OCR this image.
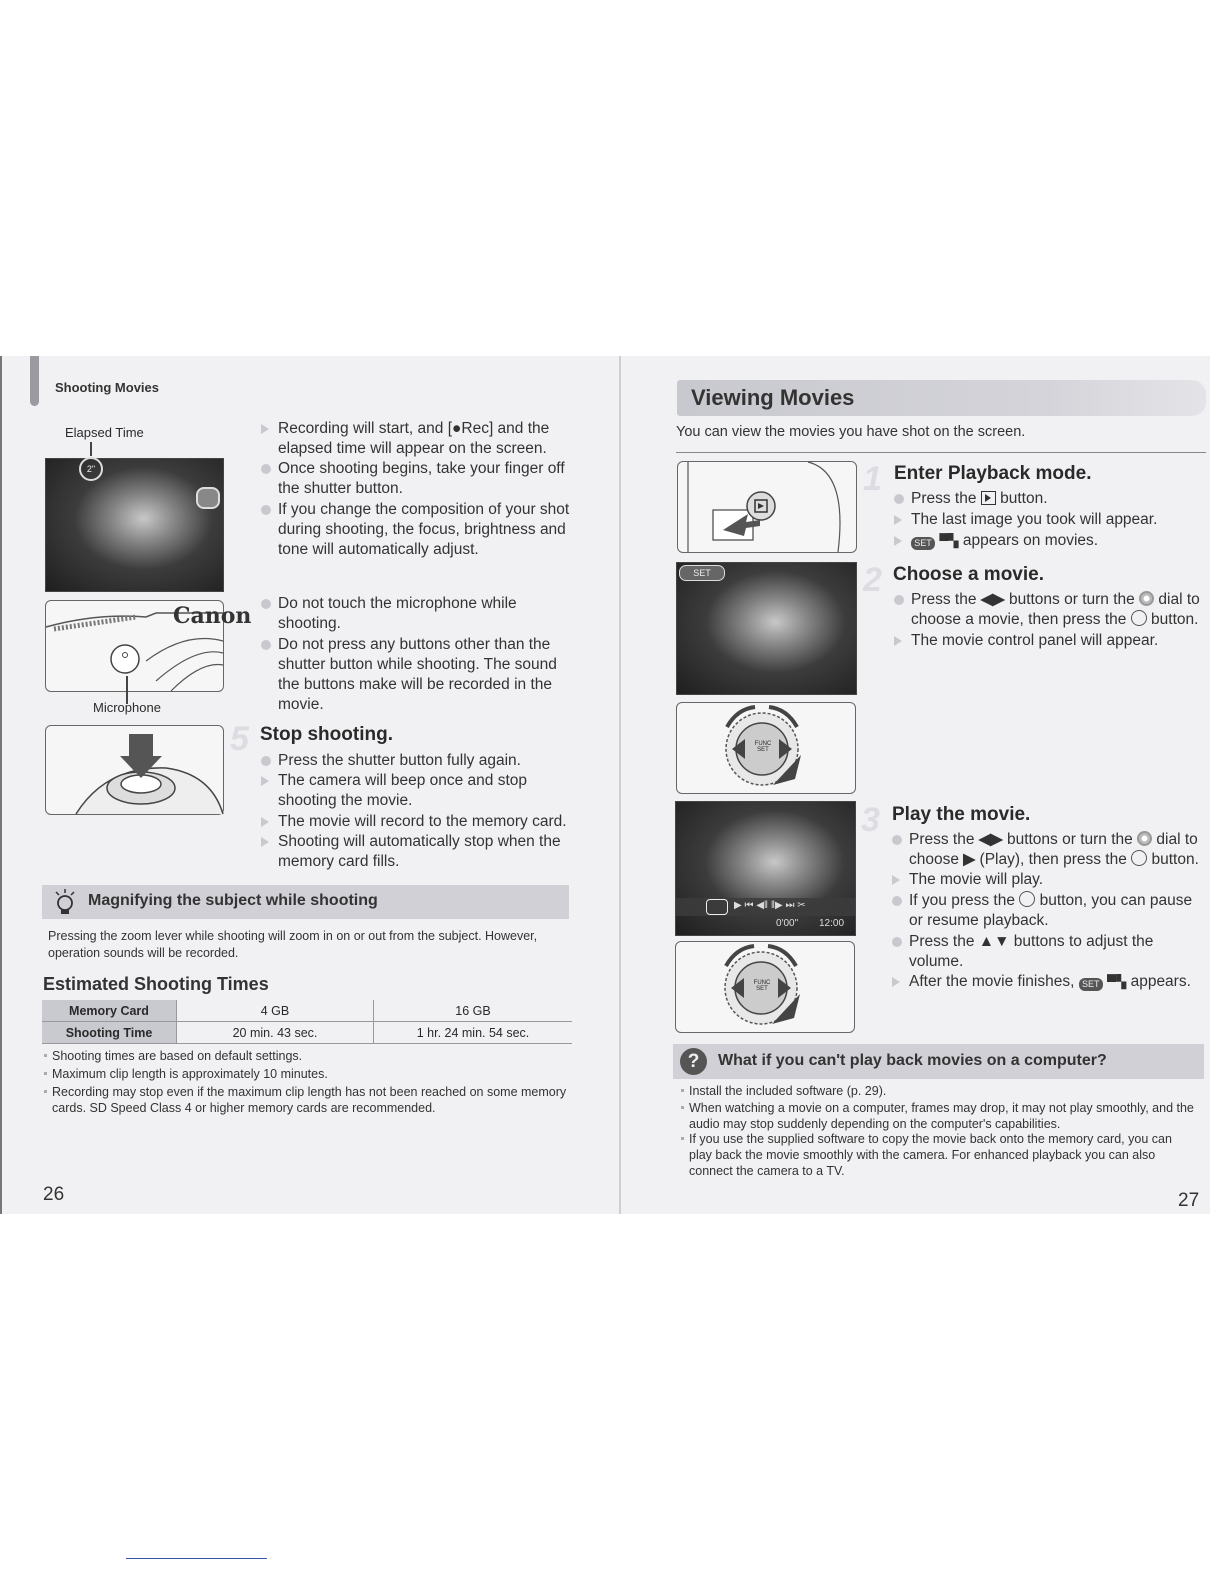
Shooting Movies
Elapsed Time
2"
Canon
Microphone
Recording will start, and [●Rec] and the elapsed time will appear on the screen.
Once shooting begins, take your finger off the shutter button.
If you change the composition of your shot during shooting, the focus, brightness and tone will automatically adjust.
Do not touch the microphone while shooting.
Do not press any buttons other than the shutter button while shooting. The sound the buttons make will be recorded in the movie.
5 Stop shooting.
Press the shutter button fully again.
The camera will beep once and stop shooting the movie.
The movie will record to the memory card.
Shooting will automatically stop when the memory card fills.
Magnifying the subject while shooting
Pressing the zoom lever while shooting will zoom in on or out from the subject. However, operation sounds will be recorded.
Estimated Shooting Times
Memory Card	4 GB	16 GB
Shooting Time	20 min. 43 sec.	1 hr. 24 min. 54 sec.
Shooting times are based on default settings.
Maximum clip length is approximately 10 minutes.
Recording may stop even if the maximum clip length has not been reached on some memory cards. SD Speed Class 4 or higher memory cards are recommended.
26
Viewing Movies
You can view the movies you have shot on the screen.
1 Enter Playback mode.
Press the button.
The last image you took will appear.
SET ▀▚ appears on movies.
SET	2 Choose a movie.
Press the ◀▶ buttons or turn the dial to choose a movie, then press the button.
The movie control panel will appear.
FUNC SET
▶ ⏮ ◀‖ ‖▶ ⏭ ✂
0'00" 12:00
FUNC SET
3 Play the movie.
Press the ◀▶ buttons or turn the dial to choose ▶ (Play), then press the button.
The movie will play.
If you press the button, you can pause or resume playback.
Press the ▲▼ buttons to adjust the volume.
After the movie finishes, SET ▀▚ appears.
?	What if you can't play back movies on a computer?
Install the included software (p. 29).
When watching a movie on a computer, frames may drop, it may not play smoothly, and the audio may stop suddenly depending on the computer's capabilities.
If you use the supplied software to copy the movie back onto the memory card, you can play back the movie smoothly with the camera. For enhanced playback you can also connect the camera to a TV.
27
